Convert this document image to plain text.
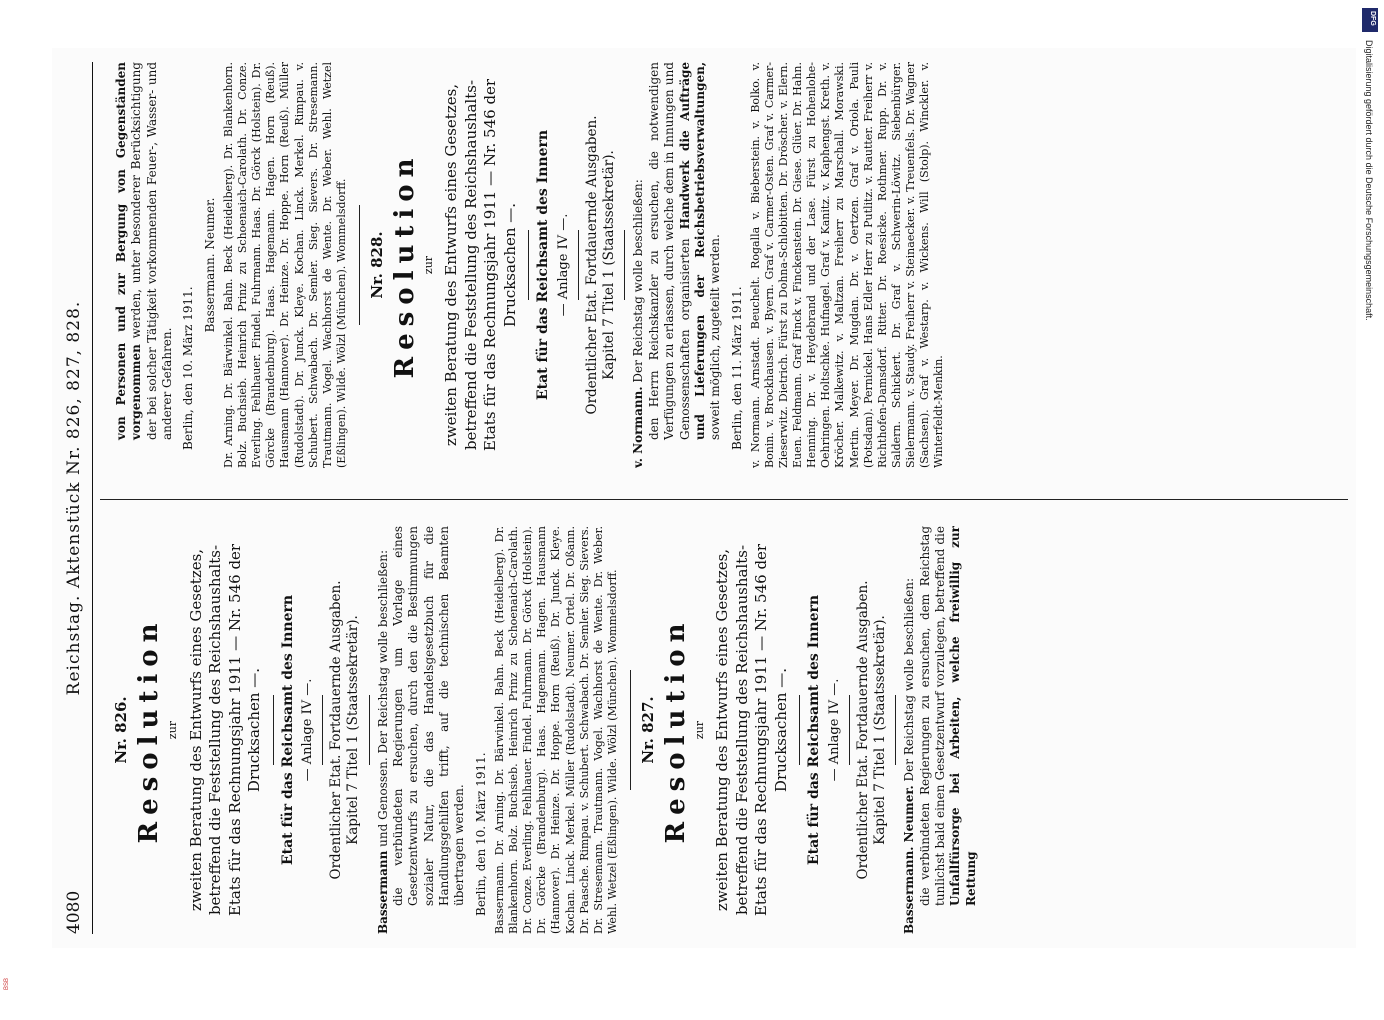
4080
Reichstag. Aktenstück Nr. 826, 827, 828.

Nr. 826. Resolution zur zweiten Beratung des Entwurfs eines Gesetzes, betreffend die Feststellung des Reichshaushalts-Etats für das Rechnungsjahr 1911 — Nr. 546 der Drucksachen —. Etat für das Reichsamt des Innern — Anlage IV —. Ordentlicher Etat. Fortdauernde Ausgaben. Kapitel 7 Titel 1 (Staatssekretär).

Bassermann und Genossen. Der Reichstag wolle beschließen: die verbündeten Regierungen um Vorlage eines Gesetzentwurfs zu ersuchen, durch den die Bestimmungen sozialer Natur, die das Handelsgesetzbuch für die Handlungsgehilfen trifft, auf die technischen Beamten übertragen werden. Berlin, den 10. März 1911. Bassermann. Dr. Arning. Dr. Bärwinkel. Bahn. Beck (Heidelberg). Dr. Blankenhorn. Bolz. Buchsieb. Heinrich Prinz zu Schoenaich-Carolath. Dr. Conze. Everling. Fehlhauer. Findel. Fuhrmann. Dr. Görck (Holstein). Dr. Görcke (Brandenburg). Haas. Hagemann. Hagen. Hausmann (Hannover). Dr. Heinze. Dr. Hoppe. Horn (Reuß). Dr. Junck. Kleye. Kochan. Linck. Merkel. Müller (Rudolstadt). Neumer. Ortel. Dr. Oßann. Dr. Paasche. Rimpau. v. Schubert. Schwabach. Dr. Semler. Sieg. Sievers. Dr. Stresemann. Trautmann. Vogel. Wachhorst de Wente. Dr. Weber. Wehl. Wetzel (Eßlingen). Wilde. Wölzl (München). Wommelsdorff. Nr. 827. Resolution zur zweiten Beratung des Entwurfs eines Gesetzes, betreffend die Feststellung des Reichshaushalts-Etats für das Rechnungsjahr 1911 — Nr. 546 der Drucksachen —. Etat für das Reichsamt des Innern — Anlage IV —. Ordentlicher Etat. Fortdauernde Ausgaben. Kapitel 7 Titel 1 (Staatssekretär).

Bassermann. Neumer. Der Reichstag wolle beschließen: die verbündeten Regierungen zu ersuchen, dem Reichstag tunlichst bald einen Gesetzentwurf vorzulegen, betreffend die Unfallfürsorge bei Arbeiten, welche freiwillig zur Rettung

von Personen und zur Bergung von Gegenständen vorgenommen werden, unter besonderer Berücksichtigung der bei solcher Tätigkeit vorkommenden Feuer-, Wasser- und anderer Gefahren. Berlin, den 10. März 1911.

Bassermann. Neumer. Dr. Arning. Dr. Bärwinkel. Bahn. Beck (Heidelberg). Dr. Blankenhorn. Bolz. Buchsieb. Heinrich Prinz zu Schoenaich-Carolath. Dr. Conze. Everling. Fehlhauer. Findel. Fuhrmann. Haas. Dr. Görck (Holstein). Dr. Görcke (Brandenburg). Haas. Hagemann. Hagen. Horn (Reuß). Hausmann (Hannover). Dr. Heinze. Dr. Hoppe. Horn (Reuß). Müller (Rudolstadt). Dr. Junck. Kleye. Kochan. Linck. Merkel. Rimpau. v. Schubert. Schwabach. Dr. Semler. Sieg. Sievers. Dr. Stresemann. Trautmann. Vogel. Wachhorst de Wente. Dr. Weber. Wehl. Wetzel (Eßlingen). Wilde. Wölzl (München). Wommelsdorff. Nr. 828. Resolution zur zweiten Beratung des Entwurfs eines Gesetzes, betreffend die Feststellung des Reichshaushalts-Etats für das Rechnungsjahr 1911 — Nr. 546 der Drucksachen —. Etat für das Reichsamt des Innern — Anlage IV —. Ordentlicher Etat. Fortdauernde Ausgaben. Kapitel 7 Titel 1 (Staatssekretär).

v. Normann. Der Reichstag wolle beschließen: den Herrn Reichskanzler zu ersuchen, die notwendigen Verfügungen zu erlassen, durch welche dem in Innungen und Genossenschaften organisierten Handwerk die Aufträge und Lieferungen der Reichsbetriebsverwaltungen, soweit möglich, zugeteilt werden. Berlin, den 11. März 1911. v. Normann. Arnstadt. Beuchelt. Rogalla v. Bieberstein. v. Bolko. v. Bonin. v. Brockhausen. v. Byern. Graf v. Carmer-Osten. Graf v. Carmer-Zieserwitz. Dietrich. Fürst zu Dohna-Schlobitten. Dr. Dröscher. v. Elern. Euen. Feldmann. Graf Finck v. Finckenstein. Dr. Giese. Glüer. Dr. Hahn. Henning. Dr. v. Heydebrand und der Lase. Fürst zu Hohenlohe-Oehringen. Holtschke. Hufnagel. Graf v. Kanitz. v. Kaphengst. Kreth. v. Kröcher. Malkewitz. v. Maltzan. Freiherr zu Marschall. Morawski. Mertin. Meyer. Dr. Mugdan. Dr. v. Oertzen. Graf v. Oriola. Pauli (Potsdam). Pernickel. Hans Edler Herr zu Putlitz. v. Rautter. Freiherr v. Richthofen-Damsdorf. Ritter. Dr. Roesicke. Rothmer. Rupp. Dr. v. Saldern. Schickert. Dr. Graf v. Schwerin-Löwitz. Siebenbürger. Sielermann. v. Staudy. Freiherr v. Steinaecker. v. Treuenfels. Dr. Wagner (Sachsen). Graf v. Westarp. v. Wickens. Will (Stolp). Winckler. v. Winterfeldt-Menkin.

DFG
Digitalisierung gefördert durch die Deutsche Forschungsgemeinschaft.
BSB
